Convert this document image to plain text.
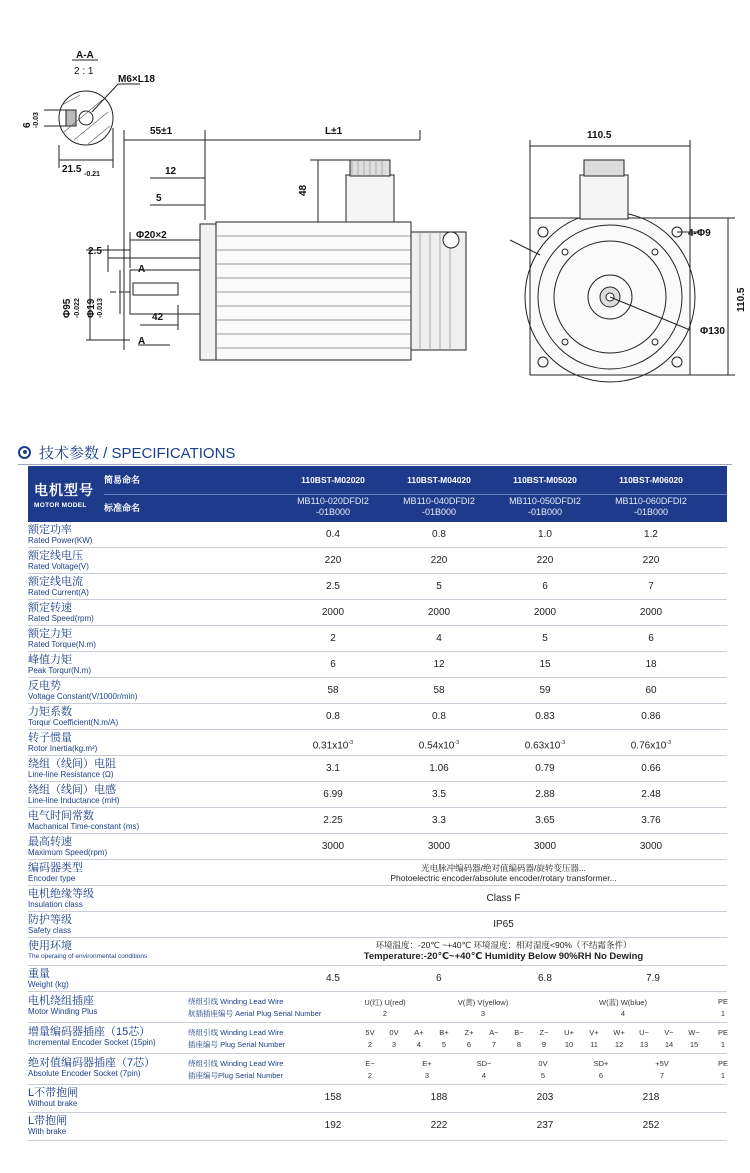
A-A
2 : 1
M6×L18
6 -0.03
21.5 -0.21
55±1	L±1	110.5
110.5
12
48
5
Φ20×2
2.5
A
Φ95 -0.022 Φ19 -0.013	42
A
4-Φ9
Φ130
技术参数 / SPECIFICATIONS
电机型号
MOTOR MODEL
简易命名
标准命名
110BST-M02020
MB110-020DFDI2
-01B000
110BST-M04020
MB110-040DFDI2
-01B000
110BST-M05020
MB110-050DFDI2
-01B000
110BST-M06020
MB110-060DFDI2
-01B000
额定功率
Rated Power(KW)
0.4	0.8	1.0	1.2
额定线电压
Rated Voltage(V)
220	220	220	220
额定线电流
Rated Current(A)
2.5	5	6	7
额定转速
Rated Speed(rpm)
2000	2000	2000	2000
额定力矩
Rated Torque(N.m)
2	4	5	6
峰值力矩
Peak Torqur(N.m)
6	12	15	18
反电势
Voltage Constant(V/1000r/min)
58	58	59	60
力矩系数
Torqur Coefficient(N.m/A)
0.8	0.8	0.83	0.86
转子惯量
Rotor Inertia(kg.m²)	$0.31x10^{-3}$	$0.54x10^{-3}$	$0.63x10^{-3}$	$0.76x10^{-3}$
绕组（线间）电阻
Line-line Resistance (Ω)
3.1	1.06	0.79	0.66
绕组（线间）电感
Line-line Inductance (mH)
6.99	3.5	2.88	2.48
电气时间常数
Machanical Time-constant (ms)
2.25	3.3	3.65	3.76
最高转速
Maximum Speed(rpm)
3000	3000	3000	3000
编码器类型
Encoder type
光电脉冲编码器/绝对值编码器/旋转变压器...
Photoelectric encoder/absolute encoder/rotary transformer...
电机绝缘等级
Insulation class
Class F
防护等级
Safety class
IP65
使用环境
The operaing of environmental conditions
环境温度：-20℃ ~+40℃ 环境湿度：相对湿度<90%（不结霜条件）
Temperature:-20℃~+40℃ Humidity Below 90%RH No Dewing
重量
Weight (kg)
4.5	6	6.8	7.9
电机绕组插座
Motor Winding Plus
绕组引线 Winding Lead Wire
航插插座编号 Aerial Plug Serial Number
U(红) U(red)	V(黄) V(yellow)	W(蓝) W(blue)	PE
2	3	4	1
增量编码器插座（15芯）
Incremental Encoder Socket (15pin)
绕组引线 Winding Lead Wire
插座编号 Plug Serial Number
5V 0V A+ B+ Z+ A− B− Z− U+ V+ W+ U− V− W− PE
2	3	4	5	6	7	8	9 10 11 12 13 14 15	1
绝对值编码器插座（7芯）
Absolute Encoder Socket (7pin)
绕组引线 Winding Lead Wire
插座编号Plug Serial Number
E−	E+	SD−	0V	SD+	+5V	PE
2	3	4	5	6	7	1
L不带抱闸
Without brake
158	188	203	218
L带抱闸
With brake
192	222	237	252
